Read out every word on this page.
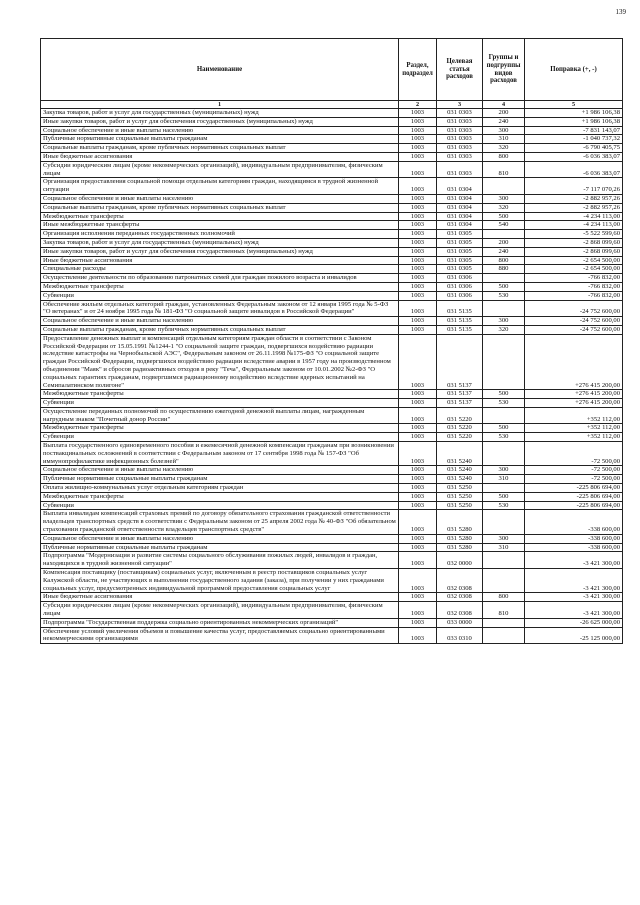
139
Наименование	Раздел, подраздел	Целевая статья расходов	Группы и подгруппы видов расходов	Поправка (+, -)
1	2	3	4	5
Закупка товаров, работ и услуг для государственных (муниципальных) нужд	1003	031 0303	200	+1 986 106,38
Иные закупки товаров, работ и услуг для обеспечения государственных (муниципальных) нужд	1003	031 0303	240	+1 986 106,38
Социальное обеспечение и иные выплаты населению	1003	031 0303	300	-7 831 143,07
Публичные нормативные социальные выплаты гражданам	1003	031 0303	310	-1 040 737,32
Социальные выплаты гражданам, кроме публичных нормативных социальных выплат	1003	031 0303	320	-6 790 405,75
Иные бюджетные ассигнования	1003	031 0303	800	-6 036 383,07
Субсидии юридическим лицам (кроме некоммерческих организаций), индивидуальным предпринимателям, физическим лицам	1003	031 0303	810	-6 036 383,07
Организация предоставления социальной помощи отдельным категориям граждан, находящимся в трудной жизненной ситуации	1003	031 0304		-7 117 070,26
Социальное обеспечение и иные выплаты населению	1003	031 0304	300	-2 882 957,26
Социальные выплаты гражданам, кроме публичных нормативных социальных выплат	1003	031 0304	320	-2 882 957,26
Межбюджетные трансферты	1003	031 0304	500	-4 234 113,00
Иные межбюджетные трансферты	1003	031 0304	540	-4 234 113,00
Организация исполнения переданных государственных полномочий	1003	031 0305		-5 522 599,60
Закупка товаров, работ и услуг для государственных (муниципальных) нужд	1003	031 0305	200	-2 868 099,60
Иные закупки товаров, работ и услуг для обеспечения государственных (муниципальных) нужд	1003	031 0305	240	-2 868 099,60
Иные бюджетные ассигнования	1003	031 0305	800	-2 654 500,00
Специальные расходы	1003	031 0305	880	-2 654 500,00
Осуществление деятельности по образованию патронатных семей для граждан пожилого возраста и инвалидов	1003	031 0306		-766 832,00
Межбюджетные трансферты	1003	031 0306	500	-766 832,00
Субвенции	1003	031 0306	530	-766 832,00
Обеспечение жильем отдельных категорий граждан, установленных Федеральным законом от 12 января 1995 года № 5-ФЗ "О ветеранах" и от 24 ноября 1995 года № 181-ФЗ "О социальной защите инвалидов в Российской Федерации"	1003	031 5135		-24 752 600,00
Социальное обеспечение и иные выплаты населению	1003	031 5135	300	-24 752 600,00
Социальные выплаты гражданам, кроме публичных нормативных социальных выплат	1003	031 5135	320	-24 752 600,00
Предоставление денежных выплат и компенсаций отдельным категориям граждан области в соответствии с Законом Российской Федерации от 15.05.1991 №1244-1 "О социальной защите граждан, подвергшихся воздействию радиации вследствие катастрофы на Чернобыльской АЭС", Федеральным законом от 26.11.1998 №175-ФЗ "О социальной защите граждан Российской Федерации, подвергшихся воздействию радиации вследствие аварии в 1957 году на производственном объединении "Маяк" и сбросов радиоактивных отходов в реку "Теча", Федеральным законом от 10.01.2002 №2-ФЗ "О социальных гарантиях гражданам, подвергшимся радиационному воздействию вследствие ядерных испытаний на Семипалатинском полигоне"	1003	031 5137		+276 415 200,00
Межбюджетные трансферты	1003	031 5137	500	+276 415 200,00
Субвенции	1003	031 5137	530	+276 415 200,00
Осуществление переданных полномочий по осуществлению ежегодной денежной выплаты лицам, награжденным нагрудным знаком "Почетный донор России"	1003	031 5220		+352 112,00
Межбюджетные трансферты	1003	031 5220	500	+352 112,00
Субвенции	1003	031 5220	530	+352 112,00
Выплата государственного единовременного пособия и ежемесячной денежной компенсации гражданам при возникновении поствакцинальных осложнений в соответствии с Федеральным законом от 17 сентября 1998 года № 157-ФЗ "Об иммунопрофилактике инфекционных болезней"	1003	031 5240		-72 500,00
Социальное обеспечение и иные выплаты населению	1003	031 5240	300	-72 500,00
Публичные нормативные социальные выплаты гражданам	1003	031 5240	310	-72 500,00
Оплата жилищно-коммунальных услуг отдельным категориям граждан	1003	031 5250		-225 806 694,00
Межбюджетные трансферты	1003	031 5250	500	-225 806 694,00
Субвенции	1003	031 5250	530	-225 806 694,00
Выплата инвалидам компенсаций страховых премий по договору обязательного страхования гражданской ответственности владельцев транспортных средств в соответствии с Федеральным законом от 25 апреля 2002 года № 40-ФЗ "Об обязательном страховании гражданской ответственности владельцев транспортных средств"	1003	031 5280		-338 600,00
Социальное обеспечение и иные выплаты населению	1003	031 5280	300	-338 600,00
Публичные нормативные социальные выплаты гражданам	1003	031 5280	310	-338 600,00
Подпрограмма "Модернизация и развитие системы социального обслуживания пожилых людей, инвалидов и граждан, находящихся в трудной жизненной ситуации"	1003	032 0000		-3 421 300,00
Компенсация поставщику (поставщикам) социальных услуг, включенным в реестр поставщиков социальных услуг Калужской области, не участвующих в выполнении государственного задания (заказа), при получении у них гражданами социальных услуг, предусмотренных индивидуальной программой предоставления социальных услуг	1003	032 0308		-3 421 300,00
Иные бюджетные ассигнования	1003	032 0308	800	-3 421 300,00
Субсидии юридическим лицам (кроме некоммерческих организаций), индивидуальным предпринимателям, физическим лицам	1003	032 0308	810	-3 421 300,00
Подпрограмма "Государственная поддержка социально ориентированных некоммерческих организаций"	1003	033 0000		-26 625 000,00
Обеспечение условий увеличения объемов и повышение качества услуг, предоставляемых социально ориентированными некоммерческими организациями	1003	033 0310		-25 125 000,00
